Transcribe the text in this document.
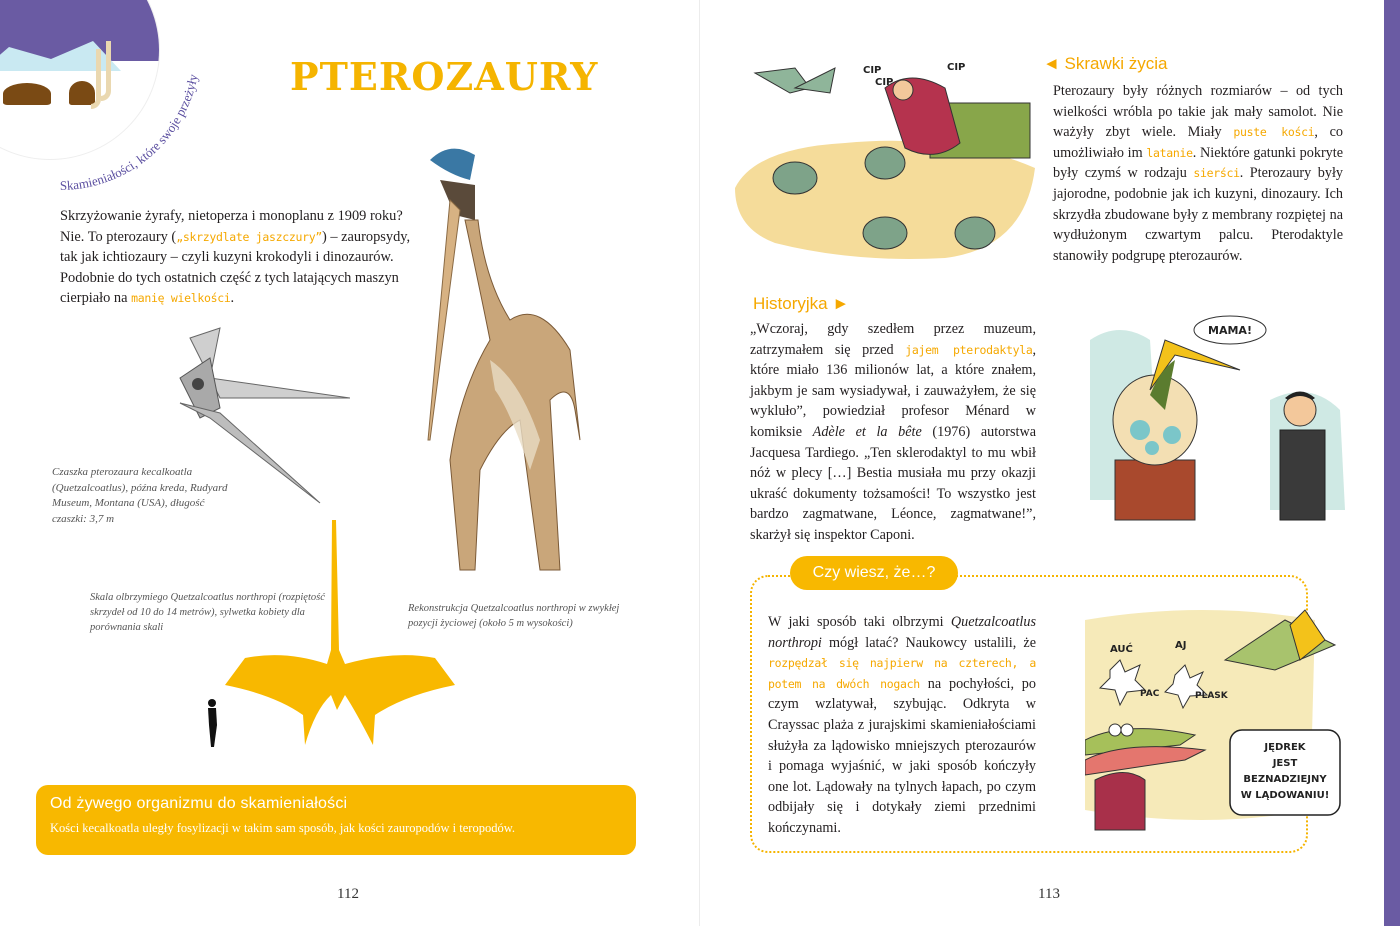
Skamieniałości, które swoje przeżyły PTEROZAURY
Skrzyżowanie żyrafy, nietoperza i monoplanu z 1909 roku? Nie. To pterozaury („skrzydlate jaszczury”) – zauropsydy, tak jak ichtiozaury – czyli kuzyni krokodyli i dinozaurów. Podobnie do tych ostatnich część z tych latających maszyn cierpiało na manię wielkości.
Czaszka pterozaura kecalkoatla (Quetzalcoatlus), późna kreda, Rudyard Museum, Montana (USA), długość czaszki: 3,7 m
Rekonstrukcja Quetzalcoatlus northropi w zwykłej pozycji życiowej (około 5 m wysokości)
Skala olbrzymiego Quetzalcoatlus northropi (rozpiętość skrzydeł od 10 do 14 metrów), sylwetka kobiety dla porównania skali
Od żywego organizmu do skamieniałości
Kości kecalkoatla uległy fosylizacji w takim sam sposób, jak kości zauropodów i teropodów.
112
CIP
CIP
CIP	◄ Skrawki życia
Pterozaury były różnych rozmiarów – od tych wielkości wróbla po takie jak mały samolot. Nie ważyły zbyt wiele. Miały puste kości, co umożliwiało im latanie. Niektóre gatunki pokryte były czymś w rodzaju sierści. Pterozaury były jajorodne, podobnie jak ich kuzyni, dinozaury. Ich skrzydła zbudowane były z membrany rozpiętej na wydłużonym czwartym palcu. Pterodaktyle stanowiły podgrupę pterozaurów.
Historyjka ►
„Wczoraj, gdy szedłem przez muzeum, zatrzymałem się przed jajem pterodaktyla, które miało 136 milionów lat, a które znałem, jakbym je sam wysiadywał, i zauważyłem, że się wykluło”, powiedział profesor Ménard w komiksie Adèle et la bête (1976) autorstwa Jacquesa Tardiego. „Ten sklerodaktyl to mu wbił nóż w plecy […] Bestia musiała mu przy okazji ukraść dokumenty tożsamości! To wszystko jest bardzo zagmatwane, Léonce, zagmatwane!”, skarżył się inspektor Caponi.
MAMA!
Czy wiesz, że…?
W jaki sposób taki olbrzymi Quetzalcoatlus northropi mógł latać? Naukowcy ustalili, że rozpędzał się najpierw na czterech, a potem na dwóch nogach na pochyłości, po czym wzlatywał, szybując. Odkryta w Crayssac plaża z jurajskimi skamieniałościami służyła za lądowisko mniejszych pterozaurów i pomaga wyjaśnić, w jaki sposób kończyły one lot. Lądowały na tylnych łapach, po czym odbijały się i dotykały ziemi przednimi kończynami.
AUĆ	AJ
PAC	PLASK
JĘDREK
JEST
BEZNADZIEJNY
W LĄDOWANIU!
113
